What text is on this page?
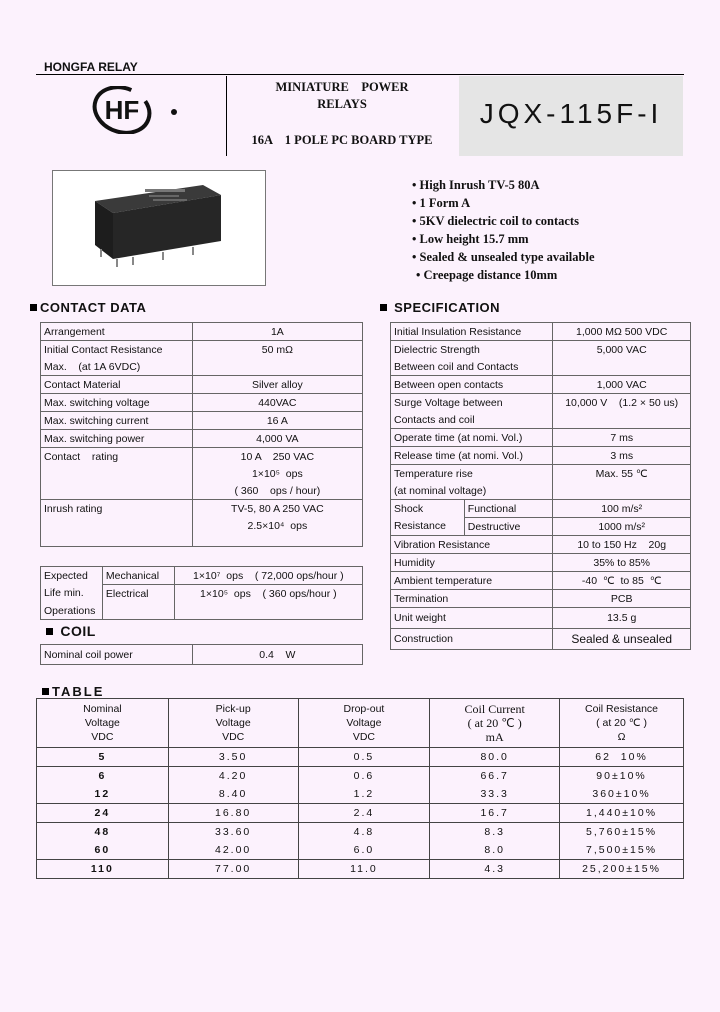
HONGFA RELAY
HF
MINIATURE    POWER
RELAYS
16A    1 POLE PC BOARD TYPE
JQX-115F-I
• High Inrush TV-5 80A
• 1 Form A
• 5KV dielectric coil to contacts
• Low height 15.7 mm
• Sealed & unsealed type available
• Creepage distance 10mm
CONTACT DATA
Arrangement	1A
Initial Contact Resistance	50 mΩ
Max.    (at 1A 6VDC)	
Contact Material	Silver alloy
Max. switching voltage	440VAC
Max. switching current	16 A
Max. switching power	4,000 VA
Contact    rating	10 A    250 VAC
	1×10⁵  ops
	( 360    ops / hour)
Inrush rating	TV-5, 80 A 250 VAC
	2.5×10⁴  ops

Expected	Mechanical	1×10⁷  ops    ( 72,000 ops/hour )
Life min.	Electrical	1×10⁵  ops    ( 360 ops/hour )
Operations		
COIL
Nominal coil power	0.4    W
SPECIFICATION
Initial Insulation Resistance		1,000 MΩ 500 VDC
Dielectric Strength		5,000 VAC
Between coil and Contacts		
Between open contacts		1,000 VAC
Surge Voltage between		10,000 V    (1.2 × 50 us)
Contacts and coil		
Operate time (at nomi. Vol.)		7 ms
Release time (at nomi. Vol.)		3 ms
Temperature rise		Max. 55 ℃
(at nominal voltage)		
Shock	Functional	100 m/s²
Resistance	Destructive	1000 m/s²
Vibration Resistance		10 to 150 Hz    20g
Humidity		35% to 85%
Ambient temperature		-40  ℃  to 85  ℃
Termination		PCB
Unit weight		13.5 g
Construction		Sealed & unsealed
TABLE
Nominal
Voltage
VDC	Pick-up
Voltage
VDC	Drop-out
Voltage
VDC	Coil Current
( at 20 ℃ )
mA	Coil Resistance
( at 20 ℃ )
Ω
5	3.50	0.5	80.0	62  10%
6	4.20	0.6	66.7	90±10%
12	8.40	1.2	33.3	360±10%
24	16.80	2.4	16.7	1,440±10%
48	33.60	4.8	8.3	5,760±15%
60	42.00	6.0	8.0	7,500±15%
110	77.00	11.0	4.3	25,200±15%
